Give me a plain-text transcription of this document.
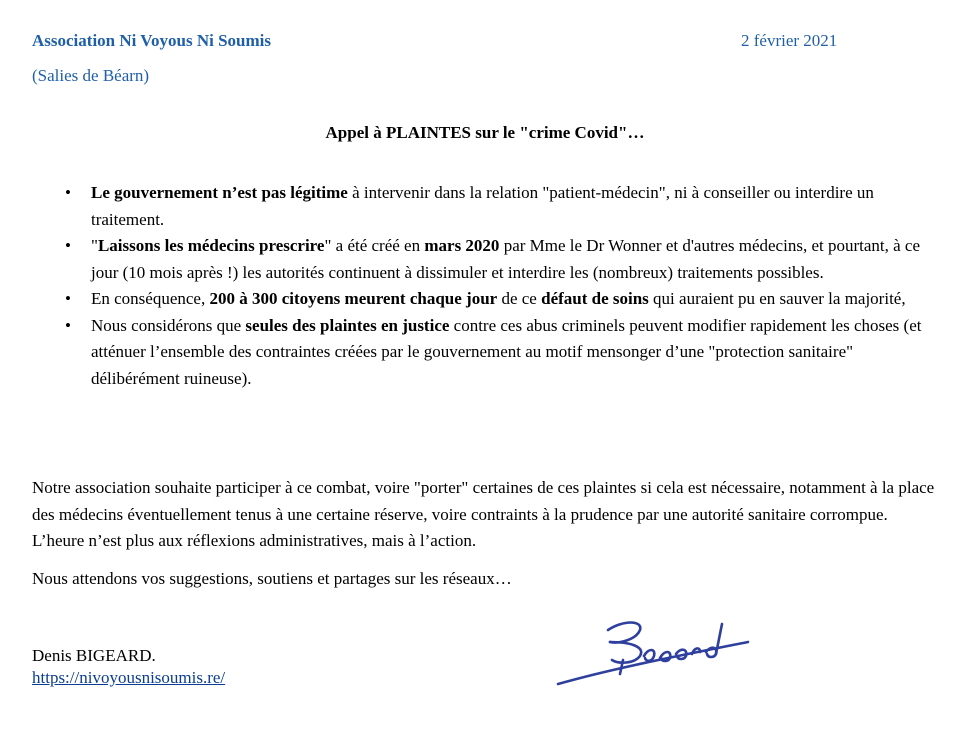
Association Ni Voyous Ni Soumis	2 février 2021
(Salies de Béarn)
Appel à PLAINTES sur le "crime Covid"…
• Le gouvernement n’est pas légitime à intervenir dans la relation "patient-médecin", ni à conseiller ou interdire un traitement.
• "Laissons les médecins prescrire" a été créé en mars 2020 par Mme le Dr Wonner et d'autres médecins, et pourtant, à ce jour (10 mois après !) les autorités continuent à dissimuler et interdire les (nombreux) traitements possibles.
• En conséquence, 200 à 300 citoyens meurent chaque jour de ce défaut de soins qui auraient pu en sauver la majorité,
• Nous considérons que seules des plaintes en justice contre ces abus criminels peuvent modifier rapidement les choses (et atténuer l’ensemble des contraintes créées par le gouvernement au motif mensonger d’une "protection sanitaire" délibérément ruineuse).

Notre association souhaite participer à ce combat, voire "porter" certaines de ces plaintes si cela est nécessaire, notamment à la place des médecins éventuellement tenus à une certaine réserve, voire contraints à la prudence par une autorité sanitaire corrompue. L’heure n’est plus aux réflexions administratives, mais à l’action.

Nous attendons vos suggestions, soutiens et partages sur les réseaux…

Denis BIGEARD.
https://nivoyousnisoumis.re/
Bigeard
